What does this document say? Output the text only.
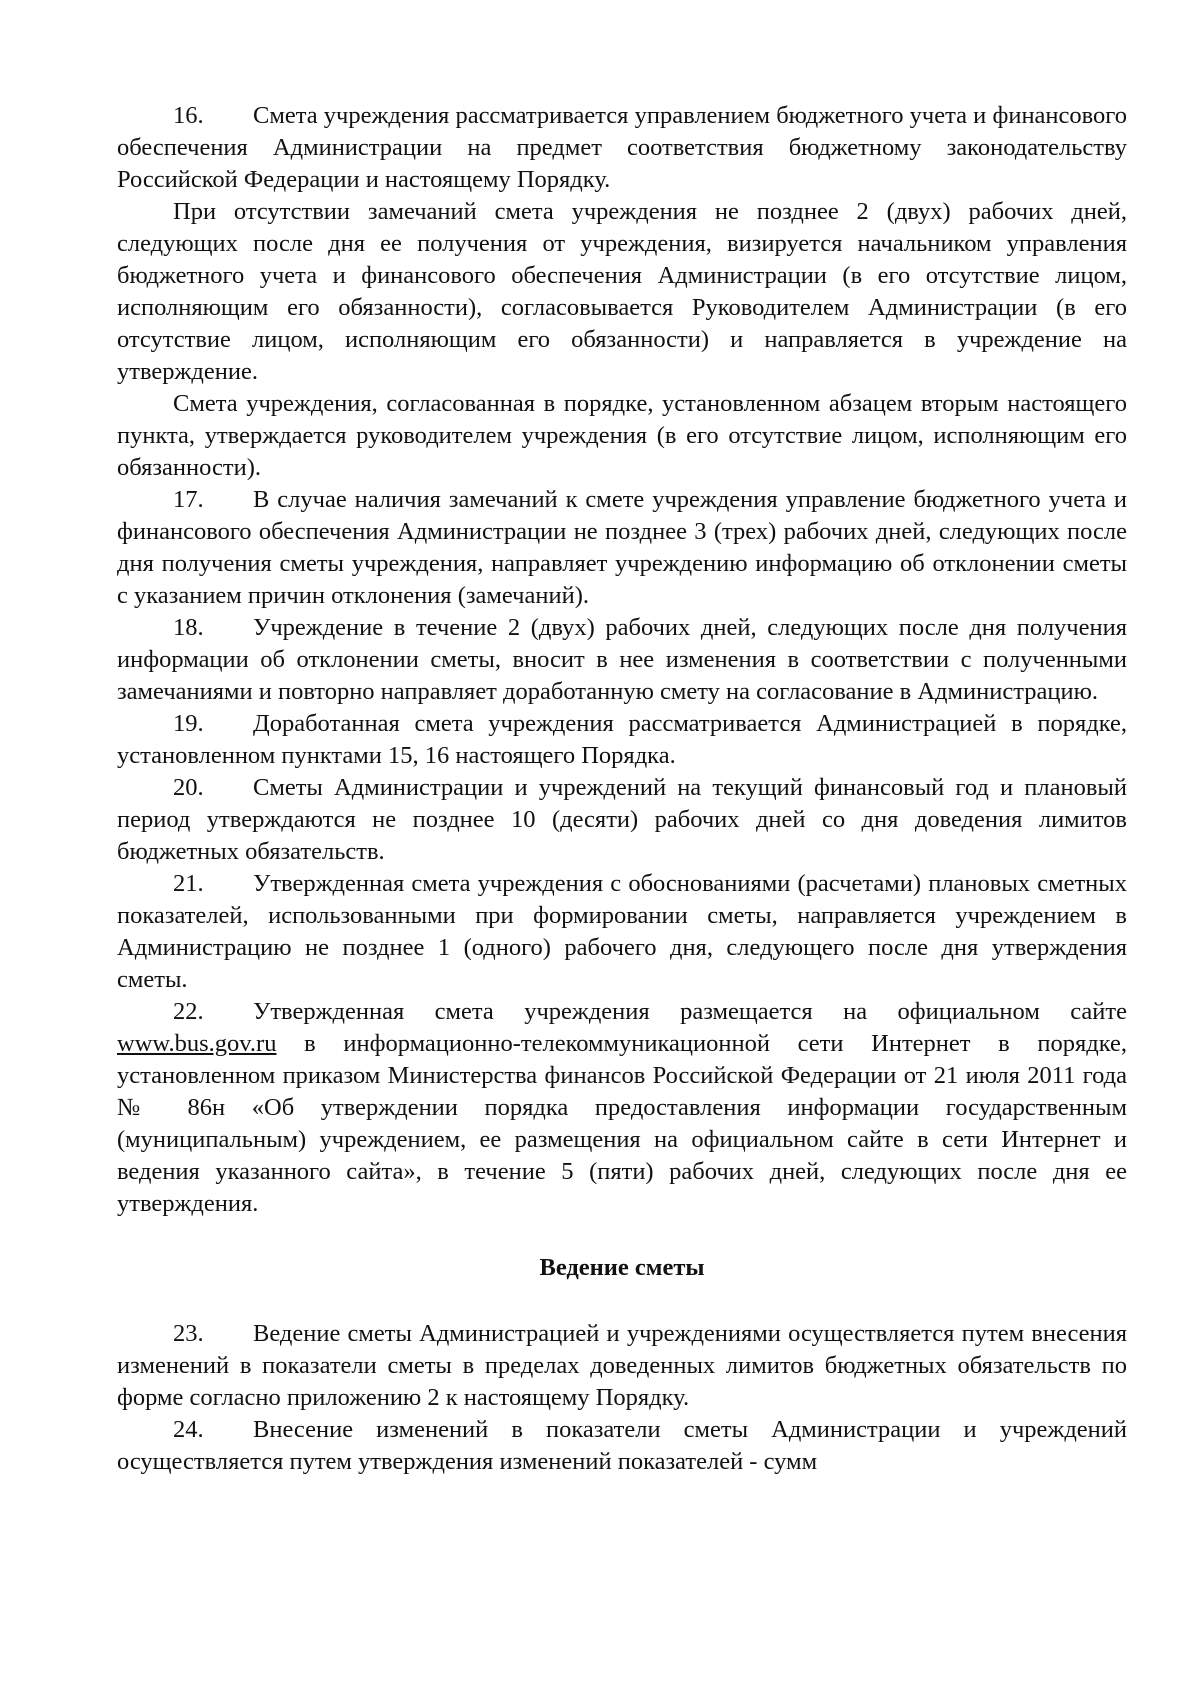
16. Смета учреждения рассматривается управлением бюджетного учета и финансового обеспечения Администрации на предмет соответствия бюджетному законодательству Российской Федерации и настоящему Порядку.

При отсутствии замечаний смета учреждения не позднее 2 (двух) рабочих дней, следующих после дня ее получения от учреждения, визируется начальником управления бюджетного учета и финансового обеспечения Администрации (в его отсутствие лицом, исполняющим его обязанности), согласовывается Руководителем Администрации (в его отсутствие лицом, исполняющим его обязанности) и направляется в учреждение на утверждение.

Смета учреждения, согласованная в порядке, установленном абзацем вторым настоящего пункта, утверждается руководителем учреждения (в его отсутствие лицом, исполняющим его обязанности).

17. В случае наличия замечаний к смете учреждения управление бюджетного учета и финансового обеспечения Администрации не позднее 3 (трех) рабочих дней, следующих после дня получения сметы учреждения, направляет учреждению информацию об отклонении сметы с указанием причин отклонения (замечаний).

18. Учреждение в течение 2 (двух) рабочих дней, следующих после дня получения информации об отклонении сметы, вносит в нее изменения в соответствии с полученными замечаниями и повторно направляет доработанную смету на согласование в Администрацию.

19. Доработанная смета учреждения рассматривается Администрацией в порядке, установленном пунктами 15, 16 настоящего Порядка.

20. Сметы Администрации и учреждений на текущий финансовый год и плановый период утверждаются не позднее 10 (десяти) рабочих дней со дня доведения лимитов бюджетных обязательств.

21. Утвержденная смета учреждения с обоснованиями (расчетами) плановых сметных показателей, использованными при формировании сметы, направляется учреждением в Администрацию не позднее 1 (одного) рабочего дня, следующего после дня утверждения сметы.

22. Утвержденная смета учреждения размещается на официальном сайте www.bus.gov.ru в информационно-телекоммуникационной сети Интернет в порядке, установленном приказом Министерства финансов Российской Федерации от 21 июля 2011 года № 86н «Об утверждении порядка предоставления информации государственным (муниципальным) учреждением, ее размещения на официальном сайте в сети Интернет и ведения указанного сайта», в течение 5 (пяти) рабочих дней, следующих после дня ее утверждения.

Ведение сметы

23. Ведение сметы Администрацией и учреждениями осуществляется путем внесения изменений в показатели сметы в пределах доведенных лимитов бюджетных обязательств по форме согласно приложению 2 к настоящему Порядку.

24. Внесение изменений в показатели сметы Администрации и учреждений осуществляется путем утверждения изменений показателей - сумм
